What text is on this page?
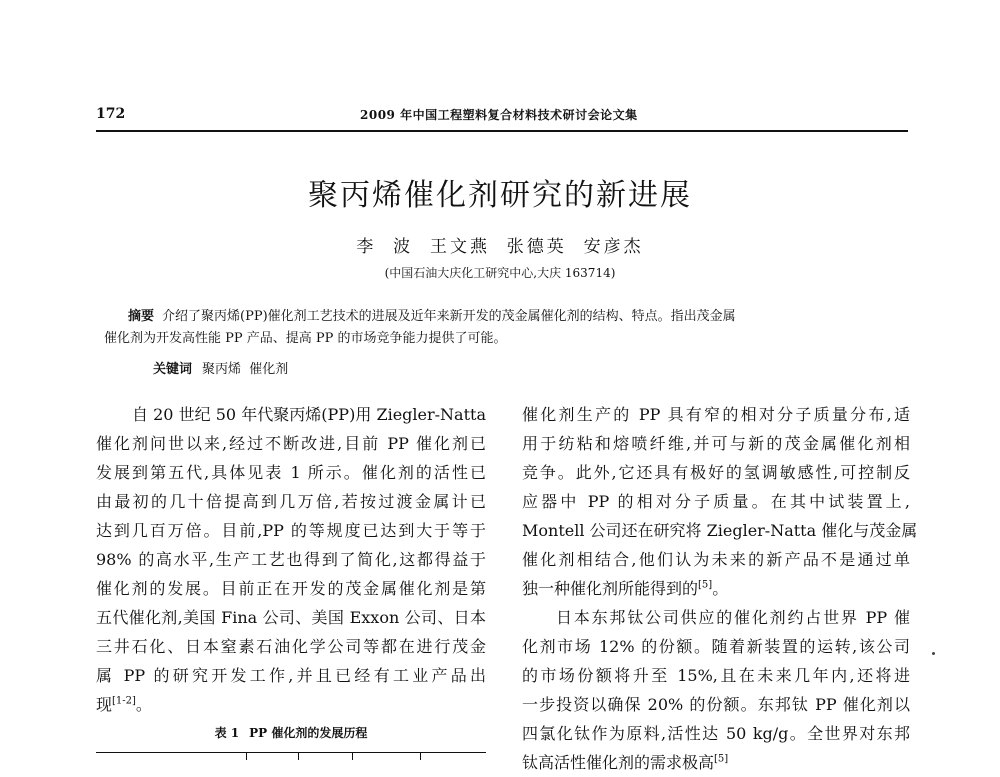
172	2009 年中国工程塑料复合材料技术研讨会论文集
聚丙烯催化剂研究的新进展
李  波  王文燕  张德英  安彦杰
(中国石油大庆化工研究中心,大庆 163714)
摘要 介绍了聚丙烯(PP)催化剂工艺技术的进展及近年来新开发的茂金属催化剂的结构、特点。指出茂金属
催化剂为开发高性能 PP 产品、提高 PP 的市场竞争能力提供了可能。
关键词 聚丙烯  催化剂
自 20 世纪 50 年代聚丙烯(PP)用 Ziegler-Natta
催化剂问世以来,经过不断改进,目前 PP 催化剂已
发展到第五代,具体见表 1 所示。催化剂的活性已
由最初的几十倍提高到几万倍,若按过渡金属计已
达到几百万倍。目前,PP 的等规度已达到大于等于
98% 的高水平,生产工艺也得到了简化,这都得益于
催化剂的发展。目前正在开发的茂金属催化剂是第
五代催化剂,美国 Fina 公司、美国 Exxon 公司、日本
三井石化、日本窒素石油化学公司等都在进行茂金
属 PP 的研究开发工作,并且已经有工业产品出
现[1-2]。
表 1 PP 催化剂的发展历程
催化剂生产的 PP 具有窄的相对分子质量分布,适
用于纺粘和熔喷纤维,并可与新的茂金属催化剂相
竞争。此外,它还具有极好的氢调敏感性,可控制反
应器中 PP 的相对分子质量。在其中试装置上,
Montell 公司还在研究将 Ziegler-Natta 催化与茂金属
催化剂相结合,他们认为未来的新产品不是通过单
独一种催化剂所能得到的[5]。
日本东邦钛公司供应的催化剂约占世界 PP 催
化剂市场 12% 的份额。随着新装置的运转,该公司
的市场份额将升至 15%,且在未来几年内,还将进
一步投资以确保 20% 的份额。东邦钛 PP 催化剂以
四氯化钛作为原料,活性达 50 kg/g。全世界对东邦
钛高活性催化剂的需求极高[5]
